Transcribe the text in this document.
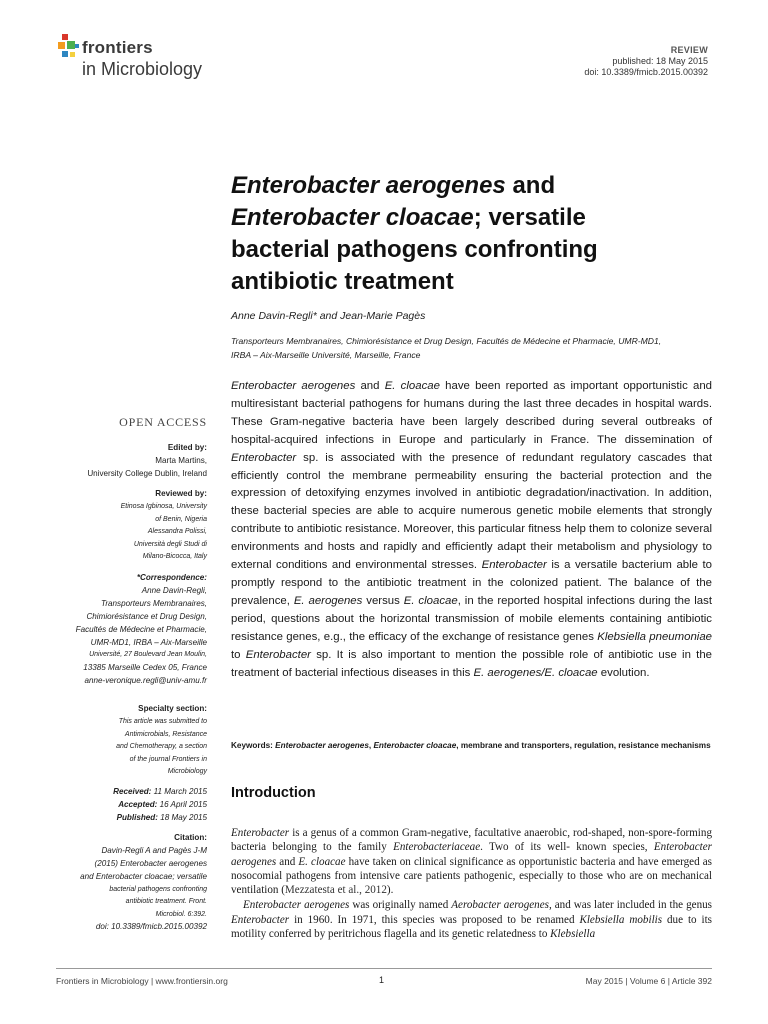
frontiers
in Microbiology
REVIEW
published: 18 May 2015
doi: 10.3389/fmicb.2015.00392
Enterobacter aerogenes and
Enterobacter cloacae; versatile
bacterial pathogens confronting
antibiotic treatment
Anne Davin-Regli* and Jean-Marie Pagès
Transporteurs Membranaires, Chimiorésistance et Drug Design, Facultés de Médecine et Pharmacie, UMR-MD1,
IRBA – Aix-Marseille Université, Marseille, France
Enterobacter aerogenes and E. cloacae have been reported as important opportunistic and multiresistant bacterial pathogens for humans during the last three decades in hospital wards. These Gram-negative bacteria have been largely described during several outbreaks of hospital-acquired infections in Europe and particularly in France. The dissemination of Enterobacter sp. is associated with the presence of redundant regulatory cascades that efficiently control the membrane permeability ensuring the bacterial protection and the expression of detoxifying enzymes involved in antibiotic degradation/inactivation. In addition, these bacterial species are able to acquire numerous genetic mobile elements that strongly contribute to antibiotic resistance. Moreover, this particular fitness help them to colonize several environments and hosts and rapidly and efficiently adapt their metabolism and physiology to external conditions and environmental stresses. Enterobacter is a versatile bacterium able to promptly respond to the antibiotic treatment in the colonized patient. The balance of the prevalence, E. aerogenes versus E. cloacae, in the reported hospital infections during the last period, questions about the horizontal transmission of mobile elements containing antibiotic resistance genes, e.g., the efficacy of the exchange of resistance genes Klebsiella pneumoniae to Enterobacter sp. It is also important to mention the possible role of antibiotic use in the treatment of bacterial infectious diseases in this E. aerogenes/E. cloacae evolution.
Keywords: Enterobacter aerogenes, Enterobacter cloacae, membrane and transporters, regulation, resistance mechanisms
OPEN ACCESS
Edited by:
Marta Martins,
University College Dublin, Ireland
Reviewed by:
Etinosa Igbinosa, University
of Benin, Nigeria
Alessandra Polissi,
Università degli Studi di
Milano-Bicocca, Italy
*Correspondence:
Anne Davin-Regli,
Transporteurs Membranaires,
Chimiorésistance et Drug Design,
Facultés de Médecine et Pharmacie,
UMR-MD1, IRBA – Aix-Marseille
Université, 27 Boulevard Jean Moulin,
13385 Marseille Cedex 05, France
anne-veronique.regli@univ-amu.fr
Specialty section:
This article was submitted to
Antimicrobials, Resistance
and Chemotherapy, a section
of the journal Frontiers in
Microbiology
Received: 11 March 2015
Accepted: 16 April 2015
Published: 18 May 2015
Citation:
Davin-Regli A and Pagès J-M
(2015) Enterobacter aerogenes
and Enterobacter cloacae; versatile
bacterial pathogens confronting
antibiotic treatment. Front.
Microbiol. 6:392.
doi: 10.3389/fmicb.2015.00392
Introduction

Enterobacter is a genus of a common Gram-negative, facultative anaerobic, rod-shaped, non-spore-forming bacteria belonging to the family Enterobacteriaceae. Two of its well- known species, Enterobacter aerogenes and E. cloacae have taken on clinical significance as opportunistic bacteria and have emerged as nosocomial pathogens from intensive care patients pathogenic, especially to those who are on mechanical ventilation (Mezzatesta et al., 2012).

Enterobacter aerogenes was originally named Aerobacter aerogenes, and was later included in the genus Enterobacter in 1960. In 1971, this species was proposed to be renamed Klebsiella mobilis due to its motility conferred by peritrichous flagella and its genetic relatedness to Klebsiella

Frontiers in Microbiology | www.frontiersin.org	1	May 2015 | Volume 6 | Article 392
